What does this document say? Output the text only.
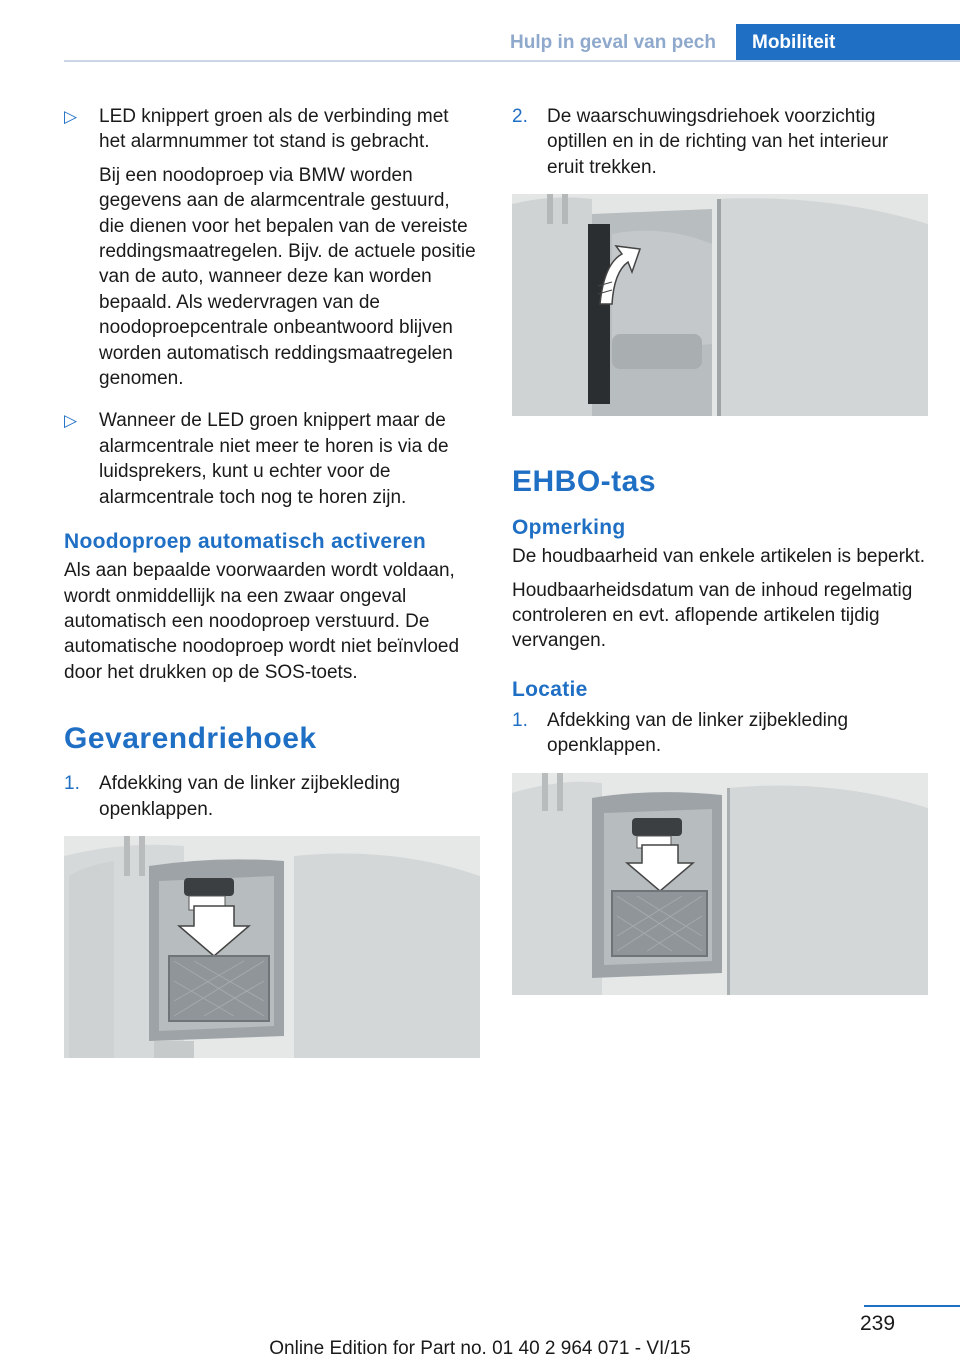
Hulp in geval van pech	Mobiliteit
▷ LED knippert groen als de verbinding met het alarmnummer tot stand is gebracht.

Bij een noodoproep via BMW worden gegevens aan de alarmcentrale gestuurd, die dienen voor het bepalen van de vereiste reddingsmaatregelen. Bijv. de actuele positie van de auto, wanneer deze kan worden bepaald. Als wedervragen van de noodoproepcentrale onbeantwoord blijven worden automatisch reddingsmaatregelen genomen.

▷ Wanneer de LED groen knippert maar de alarmcentrale niet meer te horen is via de luidsprekers, kunt u echter voor de alarmcentrale toch nog te horen zijn.

Noodoproep automatisch activeren

Als aan bepaalde voorwaarden wordt voldaan, wordt onmiddellijk na een zwaar ongeval automatisch een noodoproep verstuurd. De automatische noodoproep wordt niet beïnvloed door het drukken op de SOS-toets.

Gevarendriehoek
1. Afdekking van de linker zijbekleding openklappen.

2. De waarschuwingsdriehoek voorzichtig optillen en in de richting van het interieur eruit trekken.

EHBO-tas
Opmerking

De houdbaarheid van enkele artikelen is beperkt.

Houdbaarheidsdatum van de inhoud regelmatig controleren en evt. aflopende artikelen tijdig vervangen.

Locatie
1. Afdekking van de linker zijbekleding openklappen.

239
Online Edition for Part no. 01 40 2 964 071 - VI/15
